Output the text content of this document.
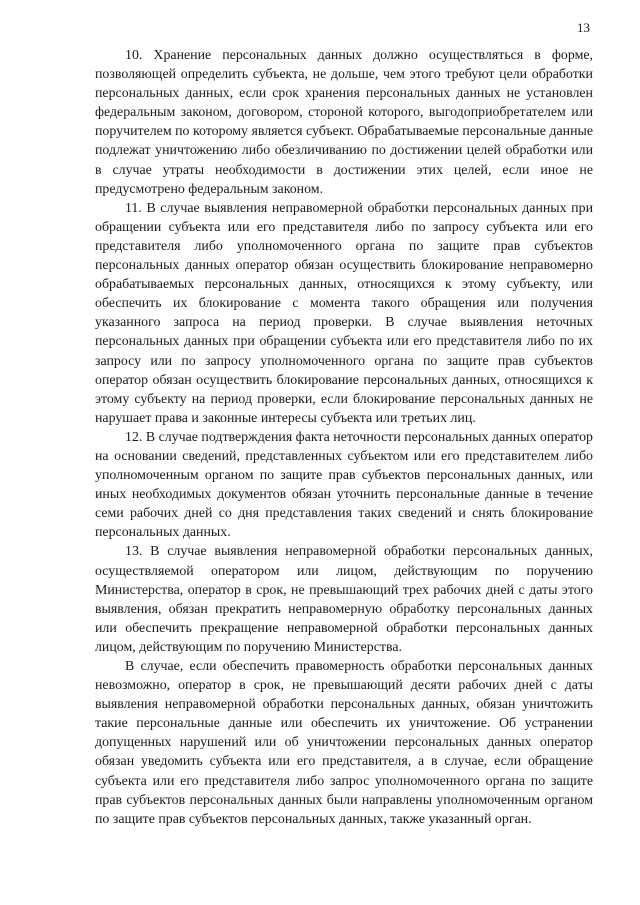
13

10. Хранение персональных данных должно осуществляться в форме, позволяющей определить субъекта, не дольше, чем этого требуют цели обработки персональных данных, если срок хранения персональных данных не установлен федеральным законом, договором, стороной которого, выгодоприобретателем или поручителем по которому является субъект. Обрабатываемые персональные данные подлежат уничтожению либо обезличиванию по достижении целей обработки или в случае утраты необходимости в достижении этих целей, если иное не предусмотрено федеральным законом.

11. В случае выявления неправомерной обработки персональных данных при обращении субъекта или его представителя либо по запросу субъекта или его представителя либо уполномоченного органа по защите прав субъектов персональных данных оператор обязан осуществить блокирование неправомерно обрабатываемых персональных данных, относящихся к этому субъекту, или обеспечить их блокирование с момента такого обращения или получения указанного запроса на период проверки. В случае выявления неточных персональных данных при обращении субъекта или его представителя либо по их запросу или по запросу уполномоченного органа по защите прав субъектов оператор обязан осуществить блокирование персональных данных, относящихся к этому субъекту на период проверки, если блокирование персональных данных не нарушает права и законные интересы субъекта или третьих лиц.

12. В случае подтверждения факта неточности персональных данных оператор на основании сведений, представленных субъектом или его представителем либо уполномоченным органом по защите прав субъектов персональных данных, или иных необходимых документов обязан уточнить персональные данные в течение семи рабочих дней со дня представления таких сведений и снять блокирование персональных данных.

13. В случае выявления неправомерной обработки персональных данных, осуществляемой оператором или лицом, действующим по поручению Министерства, оператор в срок, не превышающий трех рабочих дней с даты этого выявления, обязан прекратить неправомерную обработку персональных данных или обеспечить прекращение неправомерной обработки персональных данных лицом, действующим по поручению Министерства.

В случае, если обеспечить правомерность обработки персональных данных невозможно, оператор в срок, не превышающий десяти рабочих дней с даты выявления неправомерной обработки персональных данных, обязан уничтожить такие персональные данные или обеспечить их уничтожение. Об устранении допущенных нарушений или об уничтожении персональных данных оператор обязан уведомить субъекта или его представителя, а в случае, если обращение субъекта или его представителя либо запрос уполномоченного органа по защите прав субъектов персональных данных были направлены уполномоченным органом по защите прав субъектов персональных данных, также указанный орган.
